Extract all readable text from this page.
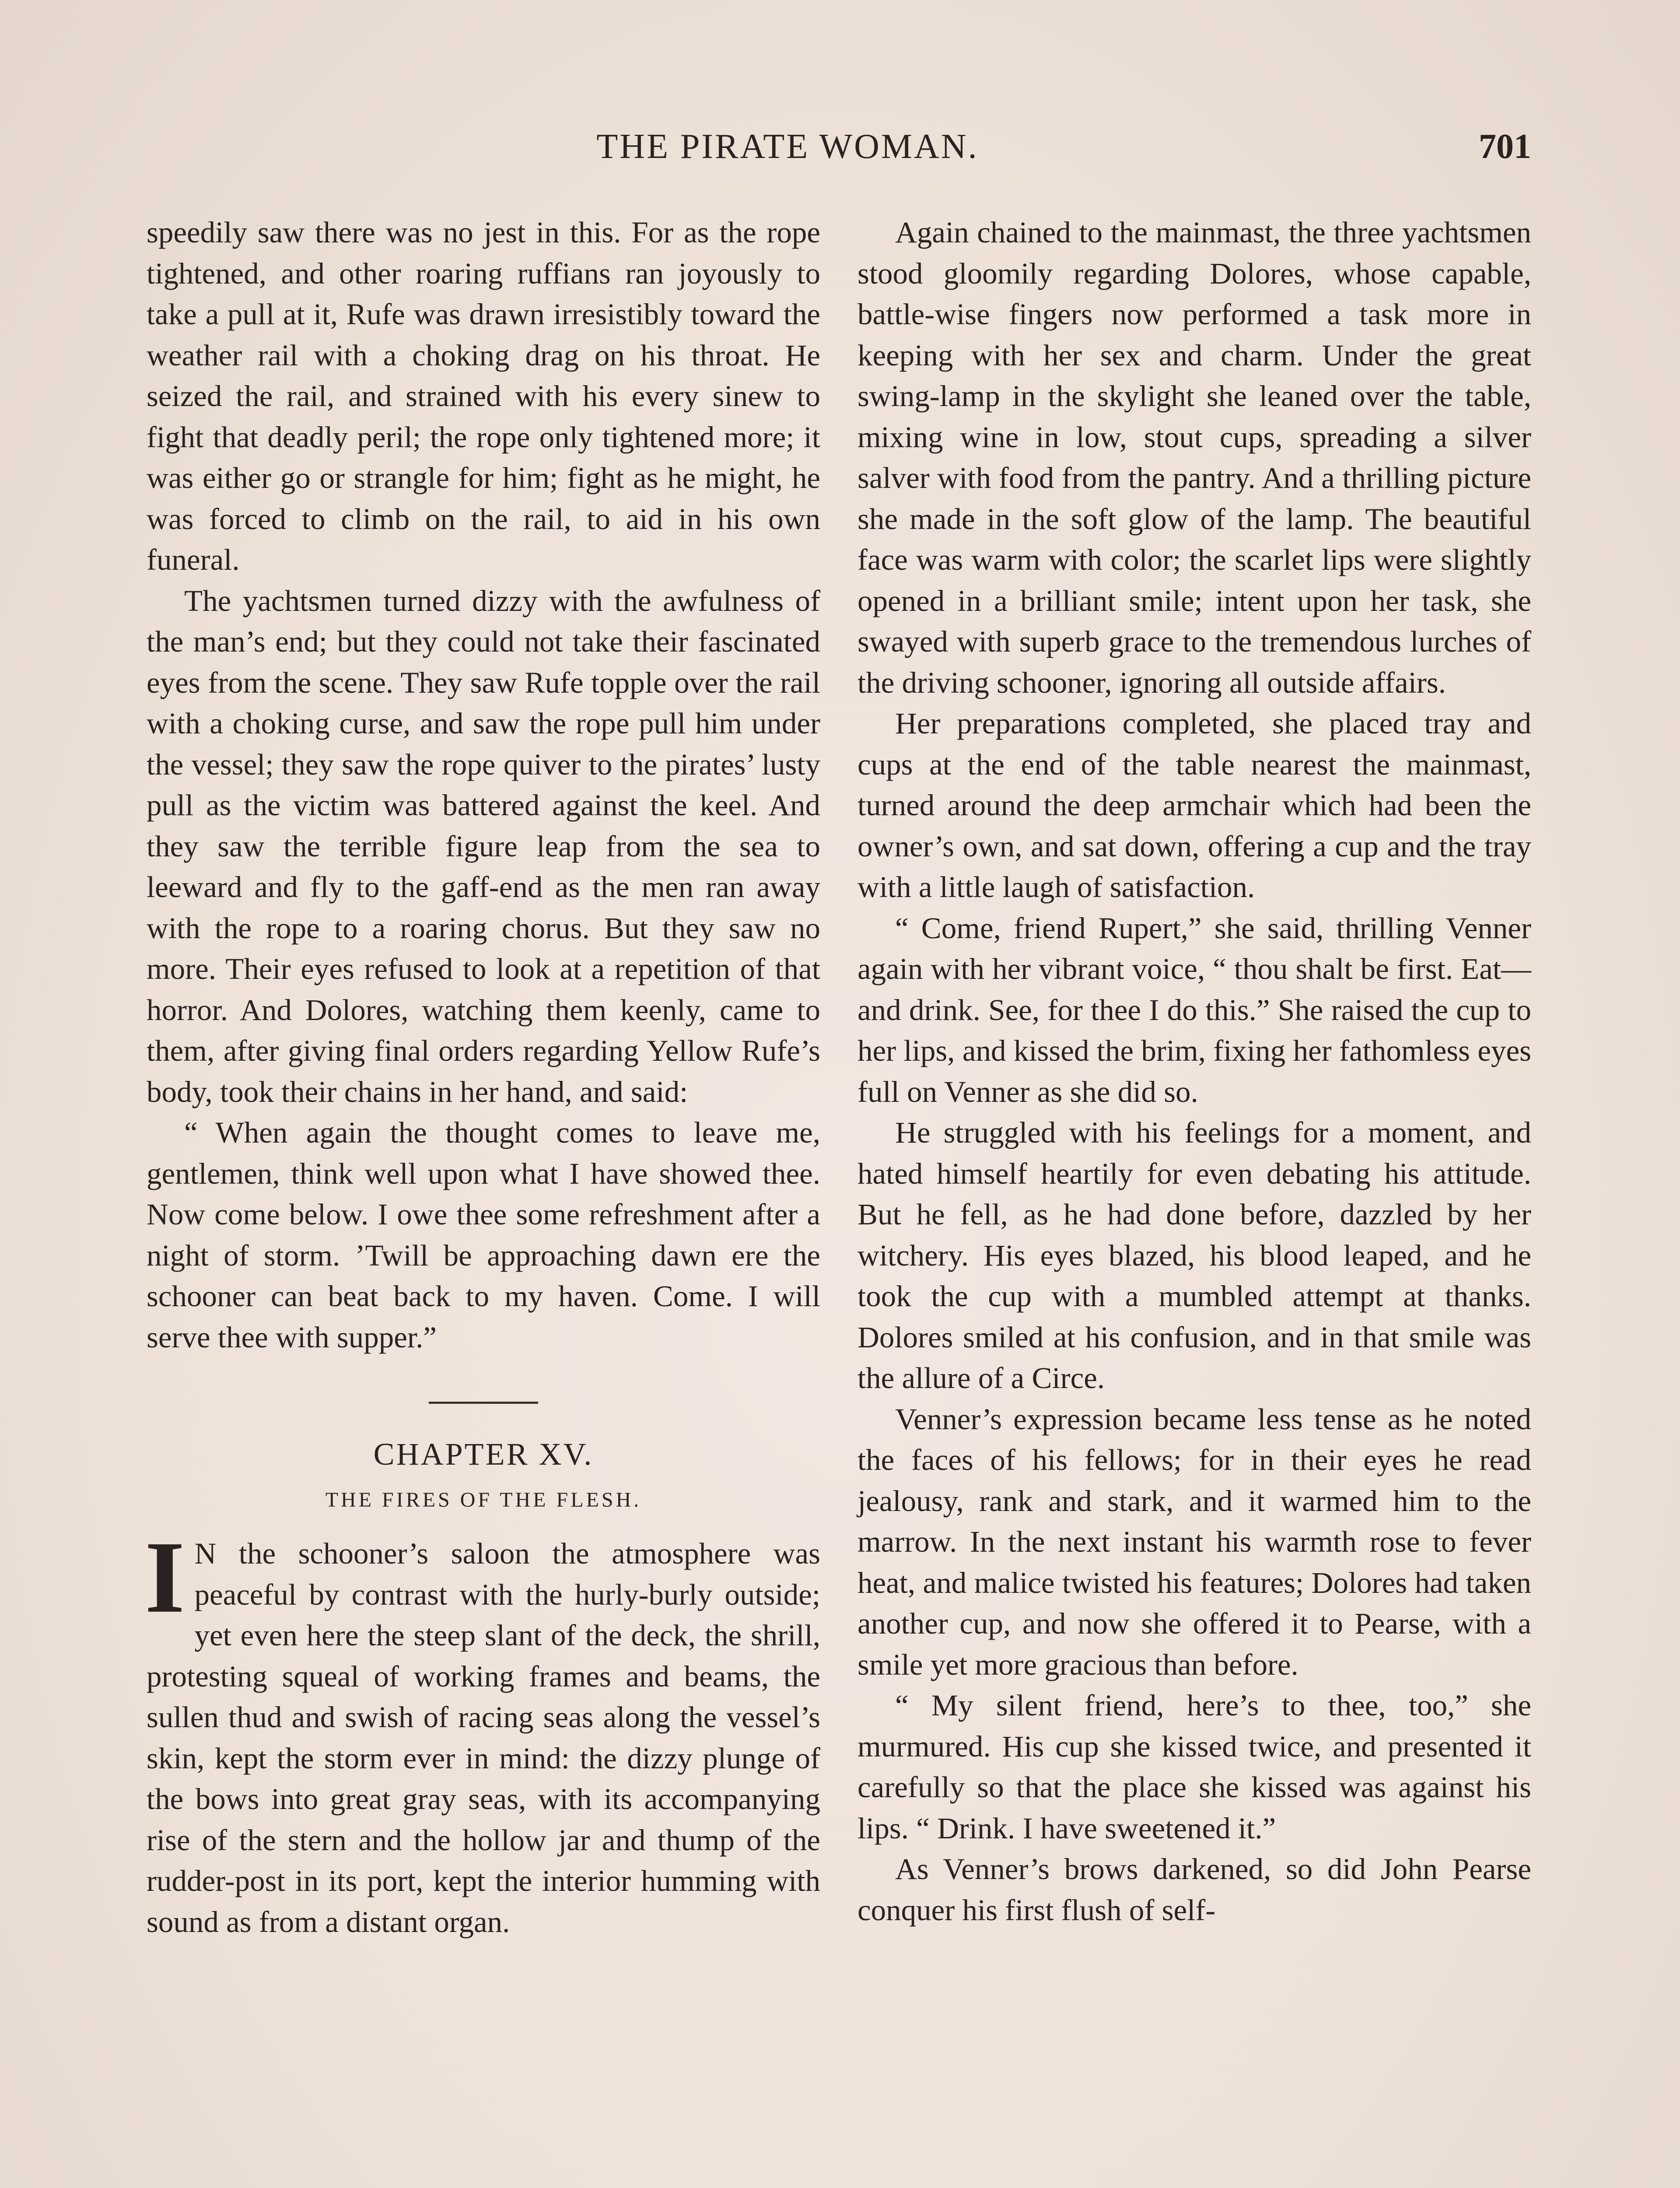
THE PIRATE WOMAN.	701

speedily saw there was no jest in this. For as the rope tightened, and other roaring ruffians ran joyously to take a pull at it, Rufe was drawn irresistibly toward the weather rail with a choking drag on his throat. He seized the rail, and strained with his every sinew to fight that deadly peril; the rope only tightened more; it was either go or strangle for him; fight as he might, he was forced to climb on the rail, to aid in his own funeral.

The yachtsmen turned dizzy with the awfulness of the man’s end; but they could not take their fascinated eyes from the scene. They saw Rufe topple over the rail with a choking curse, and saw the rope pull him under the vessel; they saw the rope quiver to the pirates’ lusty pull as the victim was battered against the keel. And they saw the terrible figure leap from the sea to leeward and fly to the gaff-end as the men ran away with the rope to a roaring chorus. But they saw no more. Their eyes refused to look at a repetition of that horror. And Dolores, watching them keenly, came to them, after giving final orders regarding Yellow Rufe’s body, took their chains in her hand, and said:

“ When again the thought comes to leave me, gentlemen, think well upon what I have showed thee. Now come below. I owe thee some refreshment after a night of storm. ’Twill be approaching dawn ere the schooner can beat back to my haven. Come. I will serve thee with supper.”

CHAPTER XV.
THE FIRES OF THE FLESH.

I N the schooner’s saloon the atmosphere was peaceful by contrast with the hurly-burly outside; yet even here the steep slant of the deck, the shrill, protesting squeal of working frames and beams, the sullen thud and swish of racing seas along the vessel’s skin, kept the storm ever in mind: the dizzy plunge of the bows into great gray seas, with its accompanying rise of the stern and the hollow jar and thump of the rudder-post in its port, kept the interior humming with sound as from a distant organ.

Again chained to the mainmast, the three yachtsmen stood gloomily regarding Dolores, whose capable, battle-wise fingers now performed a task more in keeping with her sex and charm. Under the great swing-lamp in the skylight she leaned over the table, mixing wine in low, stout cups, spreading a silver salver with food from the pantry. And a thrilling picture she made in the soft glow of the lamp. The beautiful face was warm with color; the scarlet lips were slightly opened in a brilliant smile; intent upon her task, she swayed with superb grace to the tremendous lurches of the driving schooner, ignoring all outside affairs.

Her preparations completed, she placed tray and cups at the end of the table nearest the mainmast, turned around the deep armchair which had been the owner’s own, and sat down, offering a cup and the tray with a little laugh of satisfaction.

“ Come, friend Rupert,” she said, thrilling Venner again with her vibrant voice, “ thou shalt be first. Eat—and drink. See, for thee I do this.” She raised the cup to her lips, and kissed the brim, fixing her fathomless eyes full on Venner as she did so.

He struggled with his feelings for a moment, and hated himself heartily for even debating his attitude. But he fell, as he had done before, dazzled by her witchery. His eyes blazed, his blood leaped, and he took the cup with a mumbled attempt at thanks. Dolores smiled at his confusion, and in that smile was the allure of a Circe.

Venner’s expression became less tense as he noted the faces of his fellows; for in their eyes he read jealousy, rank and stark, and it warmed him to the marrow. In the next instant his warmth rose to fever heat, and malice twisted his features; Dolores had taken another cup, and now she offered it to Pearse, with a smile yet more gracious than before.

“ My silent friend, here’s to thee, too,” she murmured. His cup she kissed twice, and presented it carefully so that the place she kissed was against his lips. “ Drink. I have sweetened it.”

As Venner’s brows darkened, so did John Pearse conquer his first flush of self-
